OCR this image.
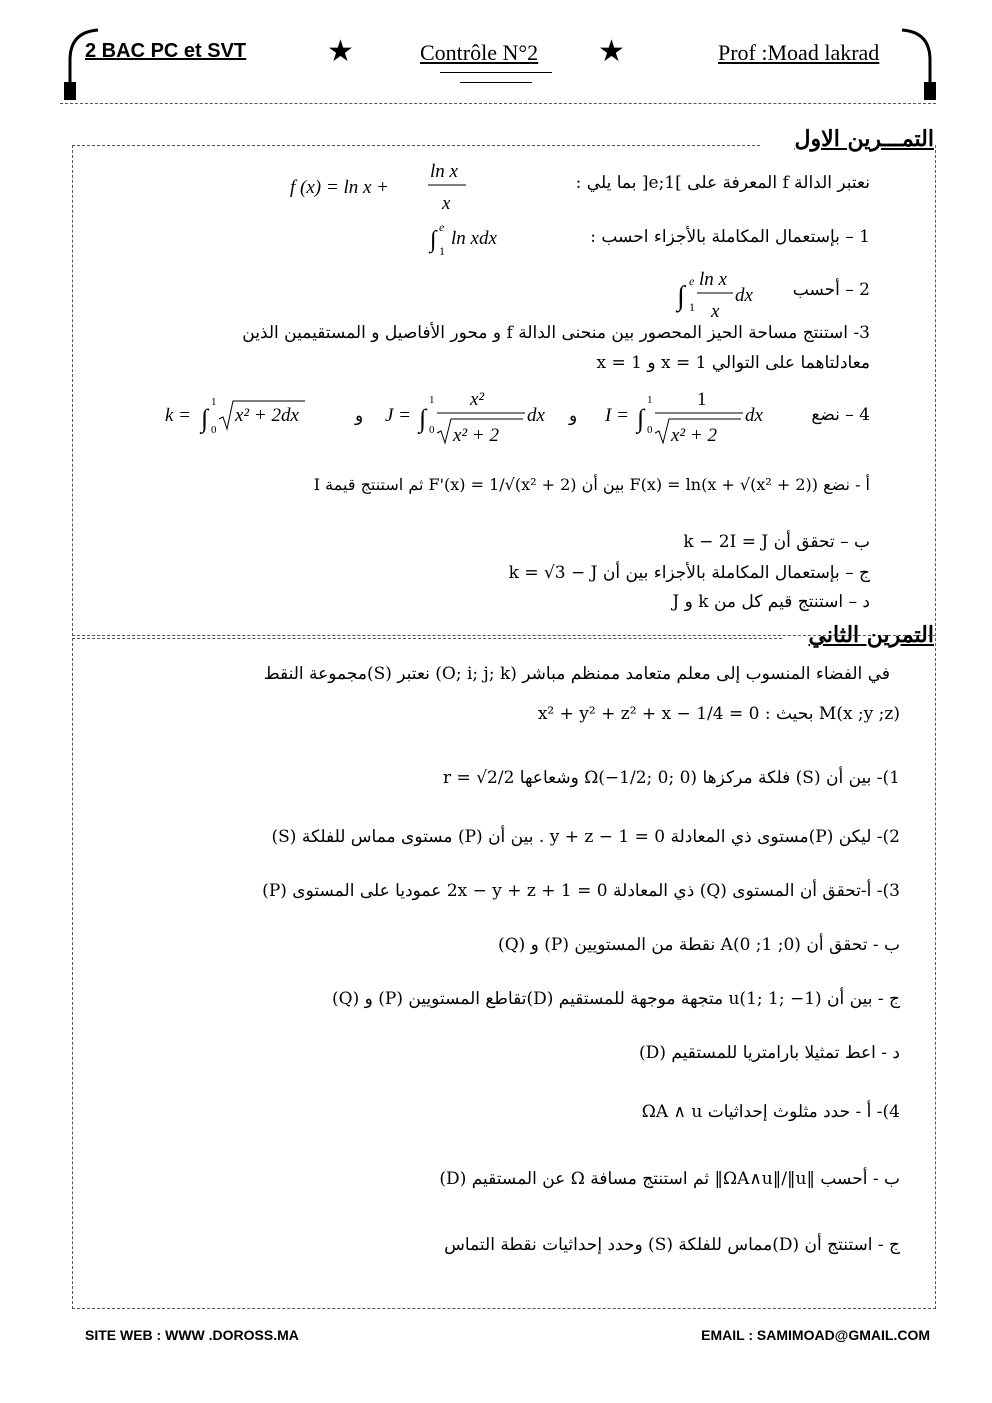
2 BAC PC et SVT	★	Contrôle N°2 ★	Prof :Moad lakrad
التمـــرين الاول
نعتبر الدالة f المعرفة على ]1;e[ بما يلي :
f (x) = ln x +
ln x
x
1 – بإستعمال المكاملة بالأجزاء احسب :
∫ e
1
ln xdx
2 – أحسب
∫ e
1
ln x
x
dx
3- استنتج مساحة الحيز المحصور بين منحنى الدالة f و محور الأفاصيل و المستقيمين الذين
معادلتاهما على التوالي x = 1 و x = 1
4 – نضع
k = ∫
1
0
x² + 2dx	و J = ∫
1
0
x²
x² + 2
dx و I = ∫
1
0
1
x² + 2
dx
أ - نضع F(x) = ln(x + √(x² + 2)) بين أن F'(x) = 1/√(x² + 2) ثم استنتج قيمة I
ب – تحقق أن k − 2I = J
ج – بإستعمال المكاملة بالأجزاء بين أن k = √3 − J
د – استنتج قيم كل من k و J
التمرين الثاني
في الفضاء المنسوب إلى معلم متعامد ممنظم مباشر (O; i; j; k) نعتبر (S)مجموعة النقط
M(x ;y ;z) بحيث : x² + y² + z² + x − 1/4 = 0
1)- بين أن (S) فلكة مركزها Ω(−1/2; 0; 0) وشعاعها r = √2/2
2)- ليكن (P)مستوى ذي المعادلة y + z − 1 = 0 . بين أن (P) مستوى مماس للفلكة (S)
3)- أ-تحقق أن المستوى (Q) ذي المعادلة 2x − y + z + 1 = 0 عموديا على المستوى (P)
ب - تحقق أن A(0 ;1 ;0) نقطة من المستويين (P) و (Q)
ج - بين أن u(1; 1; −1) متجهة موجهة للمستقيم (D)تقاطع المستويين (P) و (Q)
د - اعط تمثيلا بارامتريا للمستقيم (D)
4)- أ - حدد مثلوث إحداثيات ΩA ∧ u
ب - أحسب ‖ΩA∧u‖/‖u‖ ثم استنتج مسافة Ω عن المستقيم (D)
ج - استنتج أن (D)مماس للفلكة (S) وحدد إحداثيات نقطة التماس
SITE WEB : WWW .DOROSS.MA	EMAIL : SAMIMOAD@GMAIL.COM
